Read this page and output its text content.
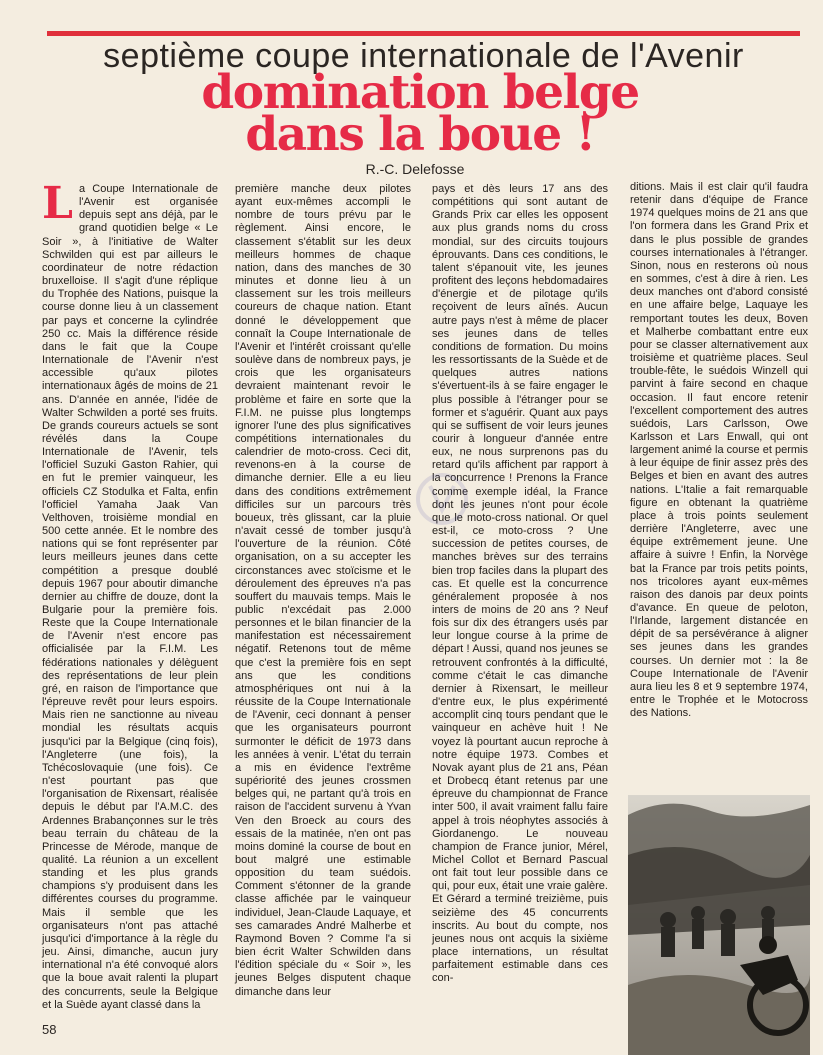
septième coupe internationale de l'Avenir
domination belge
dans la boue !
R.-C. Delefosse
L a Coupe Internationale de l'Avenir est organisée depuis sept ans déjà, par le grand quotidien belge « Le Soir », à l'initiative de Walter Schwilden qui est par ailleurs le coordinateur de notre rédaction bruxelloise. Il s'agit d'une réplique du Trophée des Nations, puisque la course donne lieu à un classement par pays et concerne la cylindrée 250 cc. Mais la différence réside dans le fait que la Coupe Internationale de l'Avenir n'est accessible qu'aux pilotes internationaux âgés de moins de 21 ans. D'année en année, l'idée de Walter Schwilden a porté ses fruits. De grands coureurs actuels se sont révélés dans la Coupe Internationale de l'Avenir, tels l'officiel Suzuki Gaston Rahier, qui en fut le premier vainqueur, les officiels CZ Stodulka et Falta, enfin l'officiel Yamaha Jaak Van Velthoven, troisième mondial en 500 cette année. Et le nombre des nations qui se font représenter par leurs meilleurs jeunes dans cette compétition a presque doublé depuis 1967 pour aboutir dimanche dernier au chiffre de douze, dont la Bulgarie pour la première fois. Reste que la Coupe Internationale de l'Avenir n'est encore pas officialisée par la F.I.M. Les fédérations nationales y délèguent des représentations de leur plein gré, en raison de l'importance que l'épreuve revêt pour leurs espoirs. Mais rien ne sanctionne au niveau mondial les résultats acquis jusqu'ici par la Belgique (cinq fois), l'Angleterre (une fois), la Tchécoslovaquie (une fois). Ce n'est pourtant pas que l'organisation de Rixensart, réalisée depuis le début par l'A.M.C. des Ardennes Brabançonnes sur le très beau terrain du château de la Princesse de Mérode, manque de qualité. La réunion a un excellent standing et les plus grands champions s'y produisent dans les différentes courses du programme. Mais il semble que les organisateurs n'ont pas attaché jusqu'ici d'importance à la règle du jeu. Ainsi, dimanche, aucun jury international n'a été convoqué alors que la boue avait ralenti la plupart des concurrents, seule la Belgique et la Suède ayant classé dans la

première manche deux pilotes ayant eux-mêmes accompli le nombre de tours prévu par le règlement. Ainsi encore, le classement s'établit sur les deux meilleurs hommes de chaque nation, dans des manches de 30 minutes et donne lieu à un classement sur les trois meilleurs coureurs de chaque nation. Etant donné le développement que connaît la Coupe Internationale de l'Avenir et l'intérêt croissant qu'elle soulève dans de nombreux pays, je crois que les organisateurs devraient maintenant revoir le problème et faire en sorte que la F.I.M. ne puisse plus longtemps ignorer l'une des plus significatives compétitions internationales du calendrier de moto-cross. Ceci dit, revenons-en à la course de dimanche dernier. Elle a eu lieu dans des conditions extrêmement difficiles sur un parcours très boueux, très glissant, car la pluie n'avait cessé de tomber jusqu'à l'ouverture de la réunion. Côté organisation, on a su accepter les circonstances avec stoïcisme et le déroulement des épreuves n'a pas souffert du mauvais temps. Mais le public n'excédait pas 2.000 personnes et le bilan financier de la manifestation est nécessairement négatif. Retenons tout de même que c'est la première fois en sept ans que les conditions atmosphériques ont nui à la réussite de la Coupe Internationale de l'Avenir, ceci donnant à penser que les organisateurs pourront surmonter le déficit de 1973 dans les années à venir. L'état du terrain a mis en évidence l'extrême supériorité des jeunes crossmen belges qui, ne partant qu'à trois en raison de l'accident survenu à Yvan Ven den Broeck au cours des essais de la matinée, n'en ont pas moins dominé la course de bout en bout malgré une estimable opposition du team suédois. Comment s'étonner de la grande classe affichée par le vainqueur individuel, Jean-Claude Laquaye, et ses camarades André Malherbe et Raymond Boven ? Comme l'a si bien écrit Walter Schwilden dans l'édition spéciale du « Soir », les jeunes Belges disputent chaque dimanche dans leur

pays et dès leurs 17 ans des compétitions qui sont autant de Grands Prix car elles les opposent aux plus grands noms du cross mondial, sur des circuits toujours éprouvants. Dans ces conditions, le talent s'épanouit vite, les jeunes profitent des leçons hebdomadaires d'énergie et de pilotage qu'ils reçoivent de leurs aînés. Aucun autre pays n'est à même de placer ses jeunes dans de telles conditions de formation. Du moins les ressortissants de la Suède et de quelques autres nations s'évertuent-ils à se faire engager le plus possible à l'étranger pour se former et s'aguérir. Quant aux pays qui se suffisent de voir leurs jeunes courir à longueur d'année entre eux, ne nous surprenons pas du retard qu'ils affichent par rapport à la concurrence ! Prenons la France comme exemple idéal, la France dont les jeunes n'ont pour école que le moto-cross national. Or quel est-il, ce moto-cross ? Une succession de petites courses, de manches brèves sur des terrains bien trop faciles dans la plupart des cas. Et quelle est la concurrence généralement proposée à nos inters de moins de 20 ans ? Neuf fois sur dix des étrangers usés par leur longue course à la prime de départ ! Aussi, quand nos jeunes se retrouvent confrontés à la difficulté, comme c'était le cas dimanche dernier à Rixensart, le meilleur d'entre eux, le plus expérimenté accomplit cinq tours pendant que le vainqueur en achève huit ! Ne voyez là pourtant aucun reproche à notre équipe 1973. Combes et Novak ayant plus de 21 ans, Péan et Drobecq étant retenus par une épreuve du championnat de France inter 500, il avait vraiment fallu faire appel à trois néophytes associés à Giordanengo. Le nouveau champion de France junior, Mérel, Michel Collot et Bernard Pascual ont fait tout leur possible dans ce qui, pour eux, était une vraie galère. Et Gérard a terminé treizième, puis seizième des 45 concurrents inscrits. Au bout du compte, nos jeunes nous ont acquis la sixième place internations, un résultat parfaitement estimable dans ces con-

ditions. Mais il est clair qu'il faudra retenir dans d'équipe de France 1974 quelques moins de 21 ans que l'on formera dans les Grand Prix et dans le plus possible de grandes courses internationales à l'étranger. Sinon, nous en resterons où nous en sommes, c'est à dire à rien. Les deux manches ont d'abord consisté en une affaire belge, Laquaye les remportant toutes les deux, Boven et Malherbe combattant entre eux pour se classer alternativement aux troisième et quatrième places. Seul trouble-fête, le suédois Winzell qui parvint à faire second en chaque occasion. Il faut encore retenir l'excellent comportement des autres suédois, Lars Carlsson, Owe Karlsson et Lars Enwall, qui ont largement animé la course et permis à leur équipe de finir assez près des Belges et bien en avant des autres nations. L'Italie a fait remarquable figure en obtenant la quatrième place à trois points seulement derrière l'Angleterre, avec une équipe extrêmement jeune. Une affaire à suivre ! Enfin, la Norvège bat la France par trois petits points, nos tricolores ayant eux-mêmes raison des danois par deux points d'avance. En queue de peloton, l'Irlande, largement distancée en dépit de sa persévérance à aligner ses jeunes dans les grandes courses. Un dernier mot : la 8e Coupe Internationale de l'Avenir aura lieu les 8 et 9 septembre 1974, entre le Trophée et le Motocross des Nations.

58
